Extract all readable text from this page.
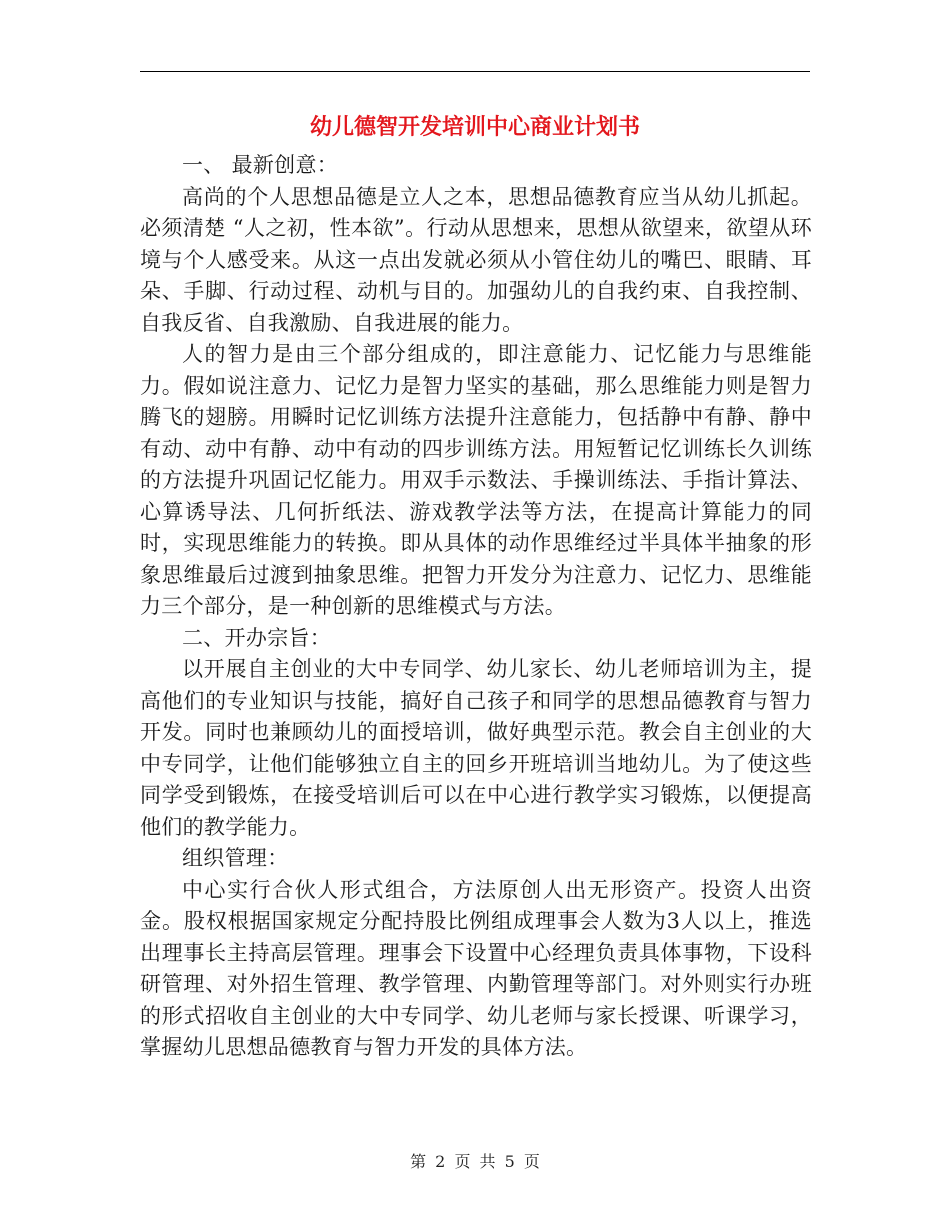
幼儿德智开发培训中心商业计划书

一、 最新创意：

高尚的个人思想品德是立人之本，思想品德教育应当从幼儿抓起。必须清楚 “人之初，性本欲”。行动从思想来，思想从欲望来，欲望从环境与个人感受来。从这一点出发就必须从小管住幼儿的嘴巴、眼睛、耳朵、手脚、行动过程、动机与目的。加强幼儿的自我约束、自我控制、自我反省、自我激励、自我进展的能力。

人的智力是由三个部分组成的，即注意能力、记忆能力与思维能力。假如说注意力、记忆力是智力坚实的基础，那么思维能力则是智力腾飞的翅膀。用瞬时记忆训练方法提升注意能力，包括静中有静、静中有动、动中有静、动中有动的四步训练方法。用短暂记忆训练长久训练的方法提升巩固记忆能力。用双手示数法、手操训练法、手指计算法、心算诱导法、几何折纸法、游戏教学法等方法，在提高计算能力的同时，实现思维能力的转换。即从具体的动作思维经过半具体半抽象的形象思维最后过渡到抽象思维。把智力开发分为注意力、记忆力、思维能力三个部分，是一种创新的思维模式与方法。

二、开办宗旨：

以开展自主创业的大中专同学、幼儿家长、幼儿老师培训为主，提高他们的专业知识与技能，搞好自己孩子和同学的思想品德教育与智力开发。同时也兼顾幼儿的面授培训，做好典型示范。教会自主创业的大中专同学，让他们能够独立自主的回乡开班培训当地幼儿。为了使这些同学受到锻炼，在接受培训后可以在中心进行教学实习锻炼，以便提高他们的教学能力。

组织管理：

中心实行合伙人形式组合，方法原创人出无形资产。投资人出资金。股权根据国家规定分配持股比例组成理事会人数为3人以上，推选出理事长主持高层管理。理事会下设置中心经理负责具体事物，下设科研管理、对外招生管理、教学管理、内勤管理等部门。对外则实行办班的形式招收自主创业的大中专同学、幼儿老师与家长授课、听课学习，掌握幼儿思想品德教育与智力开发的具体方法。

第 2 页 共 5 页
